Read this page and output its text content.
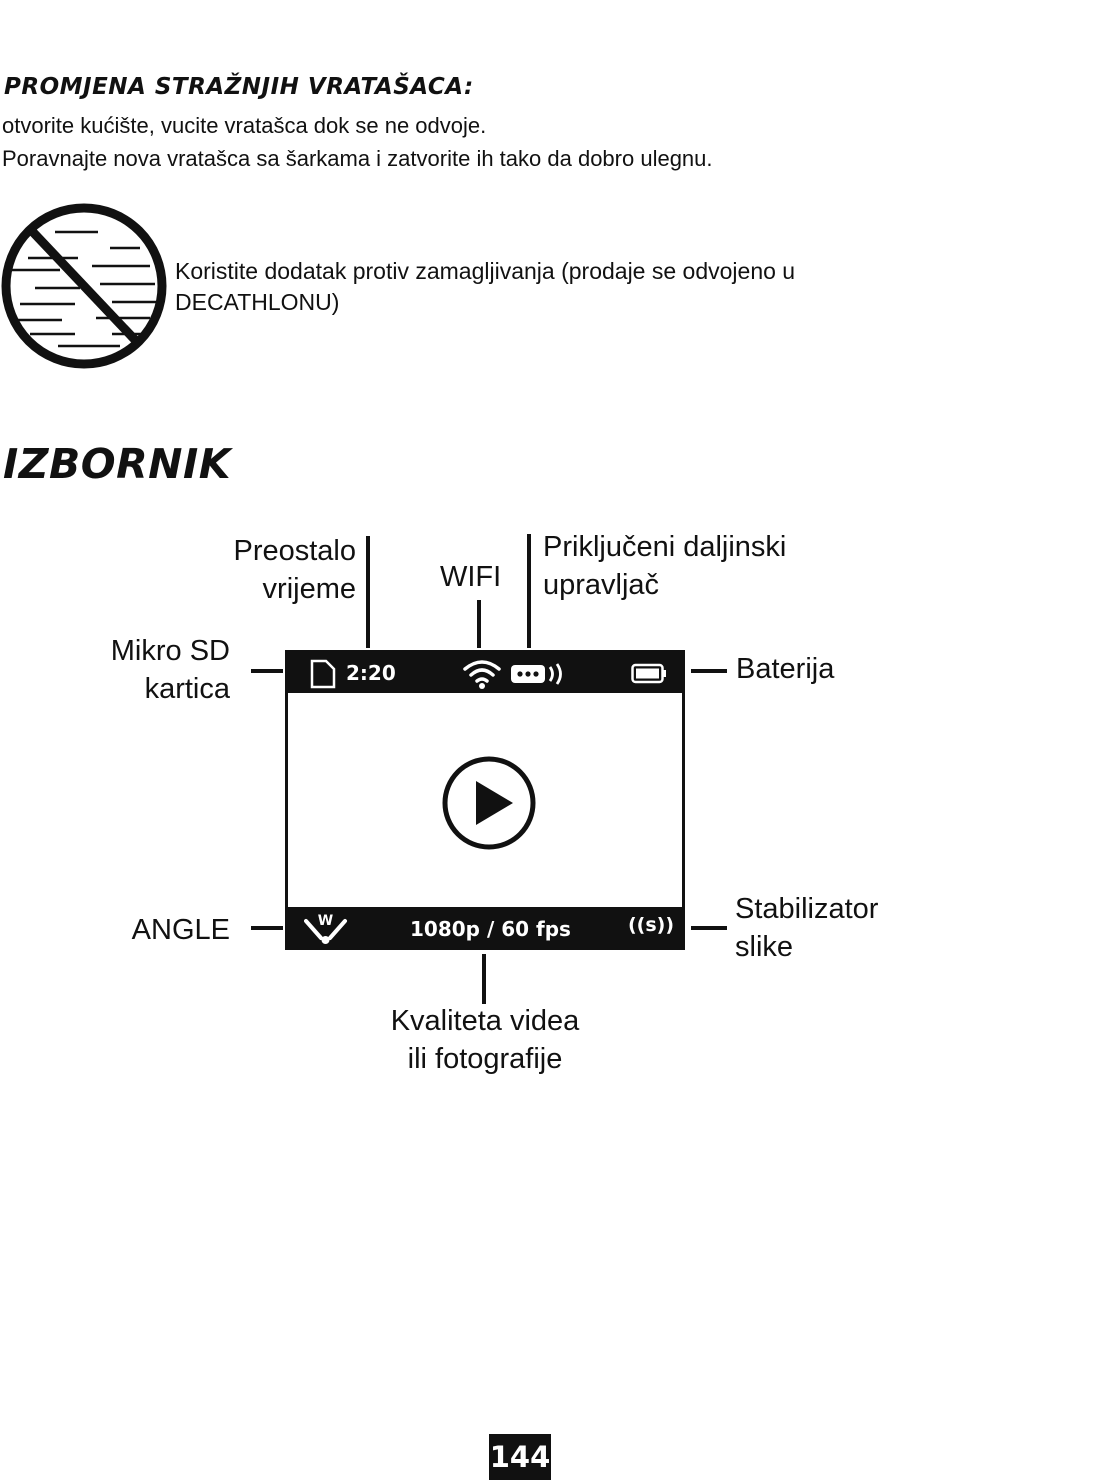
PROMJENA STRAŽNJIH VRATAŠACA:
otvorite kućište, vucite vratašca dok se ne odvoje.
Poravnajte nova vratašca sa šarkama i zatvorite ih tako da dobro ulegnu.
Koristite dodatak protiv zamagljivanja (prodaje se odvojeno u
DECATHLONU)
IZBORNIK
Preostalo
vrijeme	WIFI
Priključeni daljinski
upravljač
Mikro SD
kartica
Baterija
ANGLE
Stabilizator
slike
Kvaliteta videa
ili fotografije
2:20
W	1080p / 60 fps	((s))
144
